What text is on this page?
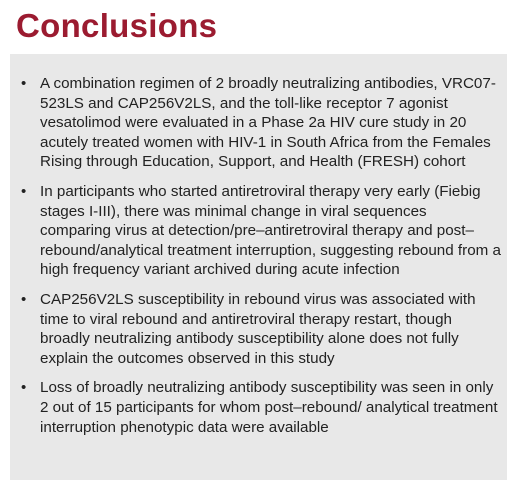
Conclusions
• A combination regimen of 2 broadly neutralizing antibodies, VRC07-523LS and CAP256V2LS, and the toll-like receptor 7 agonist vesatolimod were evaluated in a Phase 2a HIV cure study in 20 acutely treated women with HIV-1 in South Africa from the Females Rising through Education, Support, and Health (FRESH) cohort
• In participants who started antiretroviral therapy very early (Fiebig stages I-III), there was minimal change in viral sequences comparing virus at detection/pre–antiretroviral therapy and post–rebound/analytical treatment interruption, suggesting rebound from a high frequency variant archived during acute infection
• CAP256V2LS susceptibility in rebound virus was associated with time to viral rebound and antiretroviral therapy restart, though broadly neutralizing antibody susceptibility alone does not fully explain the outcomes observed in this study
• Loss of broadly neutralizing antibody susceptibility was seen in only 2 out of 15 participants for whom post–rebound/ analytical treatment interruption phenotypic data were available
